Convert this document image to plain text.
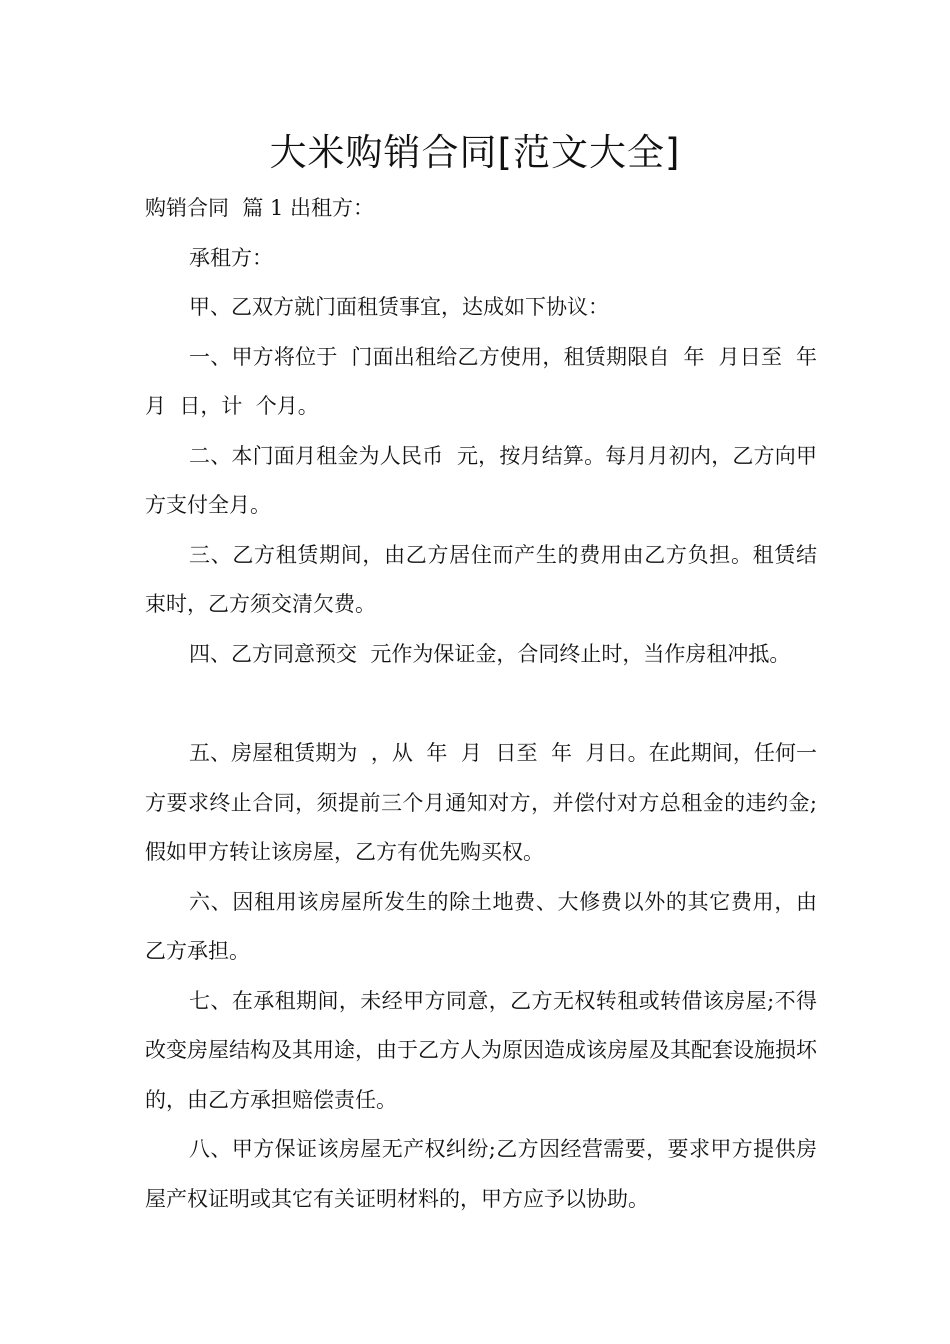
大米购销合同[范文大全]

购销合同  篇 1 出租方：

承租方：

甲、乙双方就门面租赁事宜，达成如下协议：

一、甲方将位于  门面出租给乙方使用，租赁期限自  年  月日至  年  月  日，计  个月。

二、本门面月租金为人民币  元，按月结算。每月月初内，乙方向甲方支付全月。

三、乙方租赁期间，由乙方居住而产生的费用由乙方负担。租赁结束时，乙方须交清欠费。

四、乙方同意预交  元作为保证金，合同终止时，当作房租冲抵。

五、房屋租赁期为  ，从  年  月  日至  年  月日。在此期间，任何一方要求终止合同，须提前三个月通知对方，并偿付对方总租金的违约金;假如甲方转让该房屋，乙方有优先购买权。

六、因租用该房屋所发生的除土地费、大修费以外的其它费用，由乙方承担。

七、在承租期间，未经甲方同意，乙方无权转租或转借该房屋;不得改变房屋结构及其用途，由于乙方人为原因造成该房屋及其配套设施损坏的，由乙方承担赔偿责任。

八、甲方保证该房屋无产权纠纷;乙方因经营需要，要求甲方提供房屋产权证明或其它有关证明材料的，甲方应予以协助。
